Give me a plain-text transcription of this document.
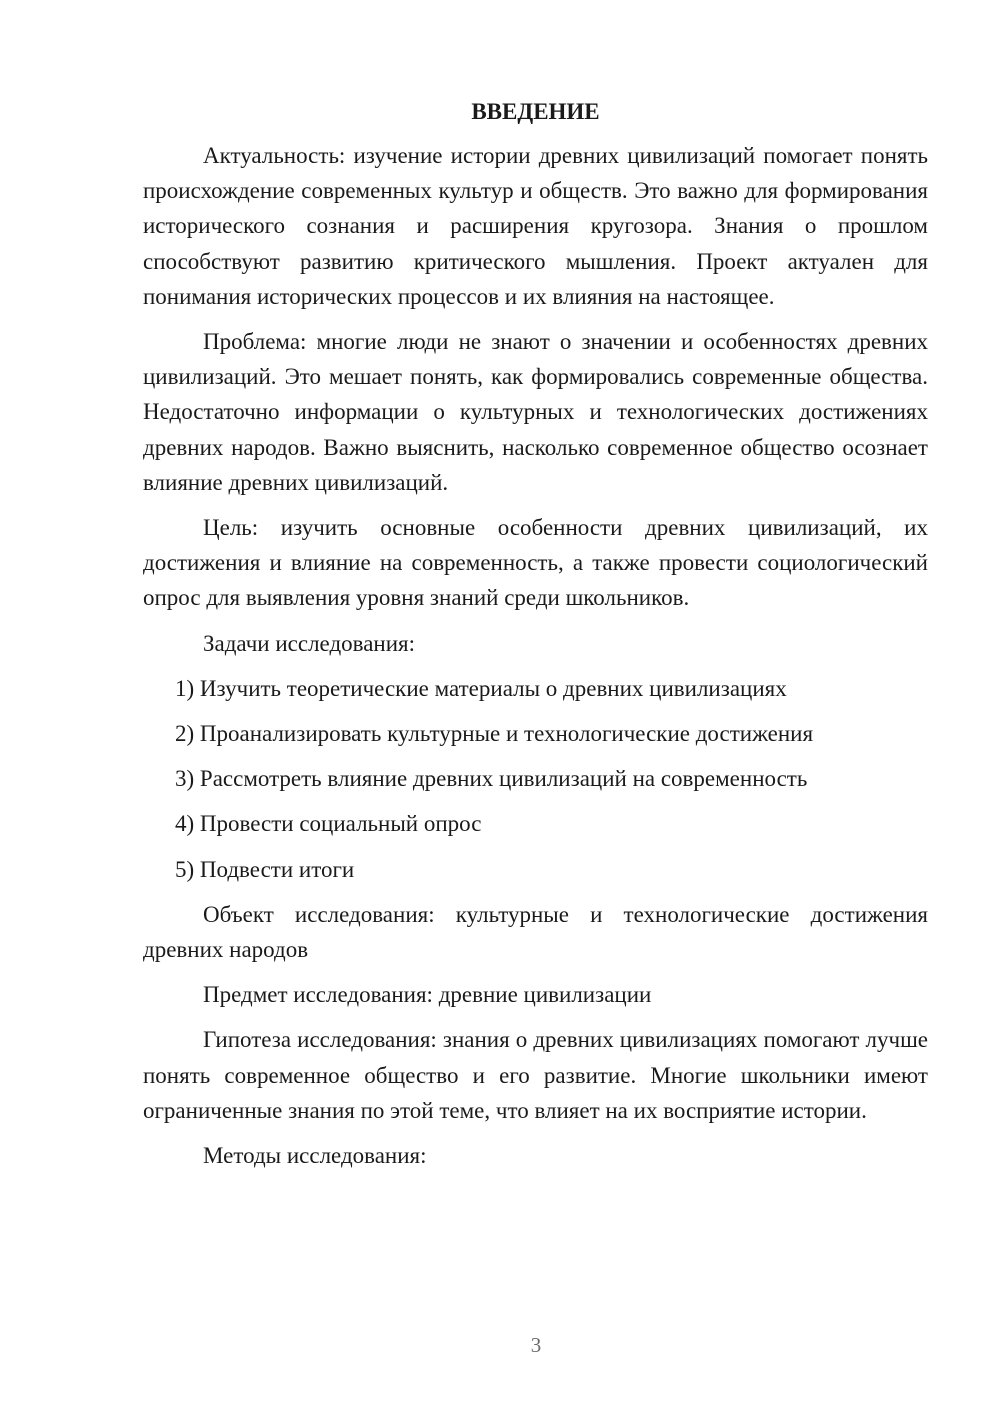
ВВЕДЕНИЕ

Актуальность: изучение истории древних цивилизаций помогает понять происхождение современных культур и обществ. Это важно для формирования исторического сознания и расширения кругозора. Знания о прошлом способствуют развитию критического мышления. Проект актуален для понимания исторических процессов и их влияния на настоящее.

Проблема: многие люди не знают о значении и особенностях древних цивилизаций. Это мешает понять, как формировались современные общества. Недостаточно информации о культурных и технологических достижениях древних народов. Важно выяснить, насколько современное общество осознает влияние древних цивилизаций.

Цель: изучить основные особенности древних цивилизаций, их достижения и влияние на современность, а также провести социологический опрос для выявления уровня знаний среди школьников.

Задачи исследования:

1) Изучить теоретические материалы о древних цивилизациях
2) Проанализировать культурные и технологические достижения
3) Рассмотреть влияние древних цивилизаций на современность
4) Провести социальный опрос
5) Подвести итоги

Объект исследования: культурные и технологические достижения древних народов

Предмет исследования: древние цивилизации

Гипотеза исследования: знания о древних цивилизациях помогают лучше понять современное общество и его развитие. Многие школьники имеют ограниченные знания по этой теме, что влияет на их восприятие истории.

Методы исследования:

3
